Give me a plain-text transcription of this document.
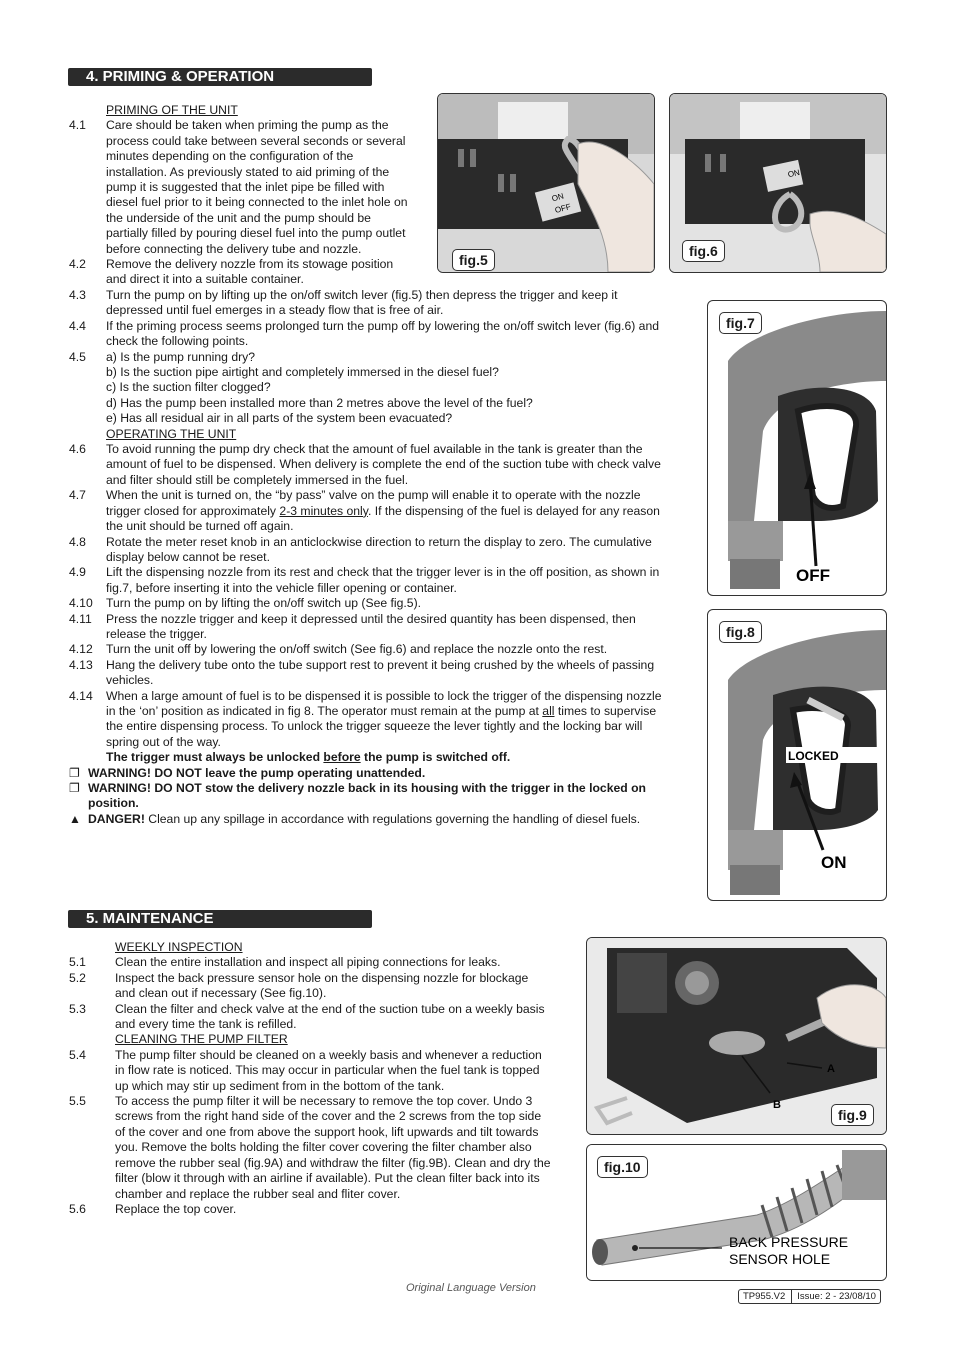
4. PRIMING & OPERATION
PRIMING OF THE UNIT
4.1	Care should be taken when priming the pump as the
process could take between several seconds or several
minutes depending on the configuration of the
installation. As previously stated to aid priming of the
pump it is suggested that the inlet pipe be filled with
diesel fuel prior to it being connected to the inlet hole on
the underside of the unit and the pump should be
partially filled by pouring diesel fuel into the pump outlet
before connecting the delivery tube and nozzle.
4.2	Remove the delivery nozzle from its stowage position
and direct it into a suitable container.
4.3	Turn the pump on by lifting up the on/off switch lever (fig.5) then depress the trigger and keep it
depressed until fuel emerges in a steady flow that is free of air.
4.4	If the priming process seems prolonged turn the pump off by lowering the on/off switch lever (fig.6) and
check the following points.
4.5	a) Is the pump running dry?
b) Is the suction pipe airtight and completely immersed in the diesel fuel?
c) Is the suction filter clogged?
d) Has the pump been installed more than 2 metres above the level of the fuel?
e) Has all residual air in all parts of the system been evacuated?
OPERATING THE UNIT
4.6	To avoid running the pump dry check that the amount of fuel available in the tank is greater than the
amount of fuel to be dispensed. When delivery is complete the end of the suction tube with check valve
and filter should still be completely immersed in the fuel.
4.7	When the unit is turned on, the “by pass” valve on the pump will enable it to operate with the nozzle
trigger closed for approximately 2-3 minutes only. If the dispensing of the fuel is delayed for any reason
the unit should be turned off again.
4.8	Rotate the meter reset knob in an anticlockwise direction to return the display to zero. The cumulative
display below cannot be reset.
4.9	Lift the dispensing nozzle from its rest and check that the trigger lever is in the off position, as shown in
fig.7, before inserting it into the vehicle filler opening or container.
4.10	Turn the pump on by lifting the on/off switch up (See fig.5).
4.11	Press the nozzle trigger and keep it depressed until the desired quantity has been dispensed, then
release the trigger.
4.12	Turn the unit off by lowering the on/off switch (See fig.6) and replace the nozzle onto the rest.
4.13	Hang the delivery tube onto the tube support rest to prevent it being crushed by the wheels of passing
vehicles.
4.14	When a large amount of fuel is to be dispensed it is possible to lock the trigger of the dispensing nozzle
in the ‘on’ position as indicated in fig 8. The operator must remain at the pump at all times to supervise
the entire dispensing process. To unlock the trigger squeeze the lever tightly and the locking bar will
spring out of the way.
The trigger must always be unlocked before the pump is switched off.
❐ WARNING! DO NOT leave the pump operating unattended.
❐ WARNING! DO NOT stow the delivery nozzle back in its housing with the trigger in the locked on
position.
▲ DANGER! Clean up any spillage in accordance with regulations governing the handling of diesel fuels.
ON
OFF
fig.5
ON
fig.6
OFF
fig.7
LOCKED
ON
fig.8
5. MAINTENANCE
WEEKLY INSPECTION
5.1	Clean the entire installation and inspect all piping connections for leaks.
5.2	Inspect the back pressure sensor hole on the dispensing nozzle for blockage
and clean out if necessary (See fig.10).
5.3	Clean the filter and check valve at the end of the suction tube on a weekly basis
and every time the tank is refilled.
CLEANING THE PUMP FILTER
5.4	The pump filter should be cleaned on a weekly basis and whenever a reduction
in flow rate is noticed. This may occur in particular when the fuel tank is topped
up which may stir up sediment from in the bottom of the tank.
5.5	To access the pump filter it will be necessary to remove the top cover. Undo 3
screws from the right hand side of the cover and the 2 screws from the top side
of the cover and one from above the support hook, lift upwards and tilt towards
you. Remove the bolts holding the filter cover covering the filter chamber also
remove the rubber seal (fig.9A) and withdraw the filter (fig.9B). Clean and dry the
filter (blow it through with an airline if available). Put the clean filter back into its
chamber and replace the rubber seal and fliter cover.
5.6	Replace the top cover.
A
B
fig.9
BACK PRESSURE
SENSOR HOLE
fig.10
Original Language Version
TP955.V2	Issue: 2 - 23/08/10
